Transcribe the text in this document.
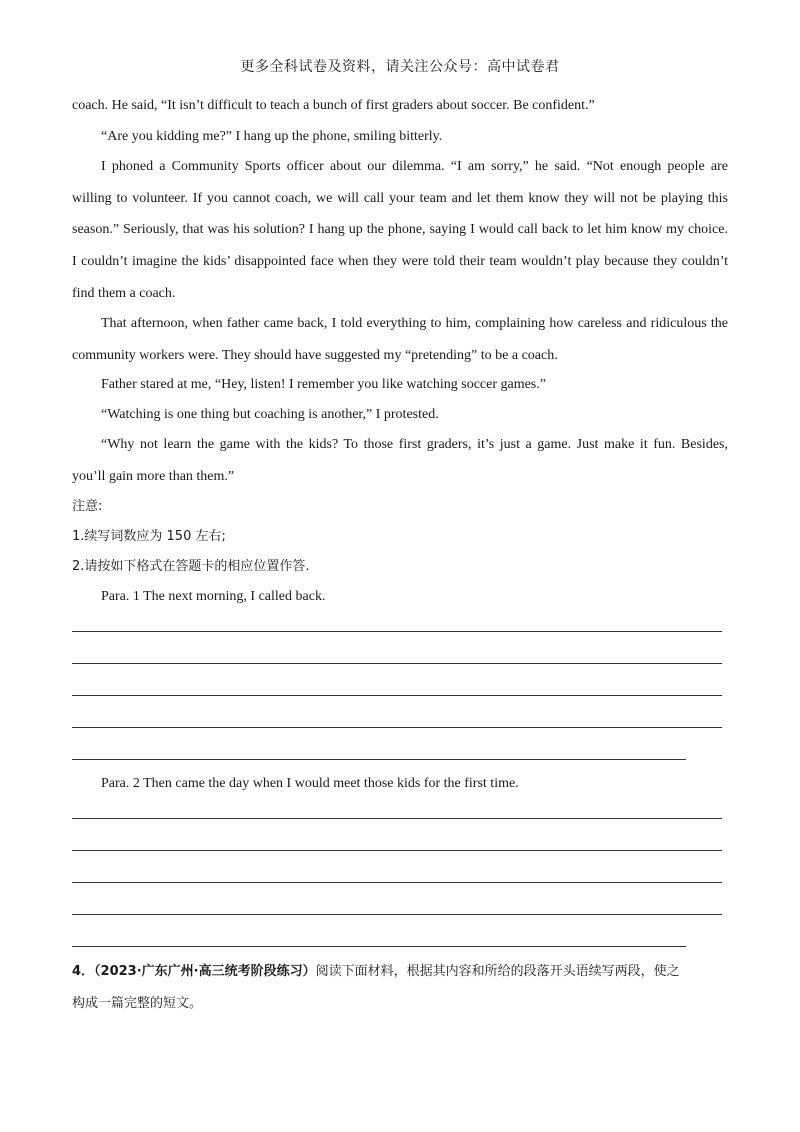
更多全科试卷及资料，请关注公众号：高中试卷君
coach. He said, “It isn’t difficult to teach a bunch of first graders about soccer. Be confident.”
“Are you kidding me?” I hang up the phone, smiling bitterly.
I phoned a Community Sports officer about our dilemma. “I am sorry,” he said. “Not enough people are
willing to volunteer. If you cannot coach, we will call your team and let them know they will not be playing this
season.” Seriously, that was his solution? I hang up the phone, saying I would call back to let him know my choice.
I couldn’t imagine the kids’ disappointed face when they were told their team wouldn’t play because they couldn’t
find them a coach.
That afternoon, when father came back, I told everything to him, complaining how careless and ridiculous the
community workers were. They should have suggested my “pretending” to be a coach.
Father stared at me, “Hey, listen! I remember you like watching soccer games.”
“Watching is one thing but coaching is another,” I protested.
“Why not learn the game with the kids? To those first graders, it’s just a game. Just make it fun. Besides,
you’ll gain more than them.”
注意:
1.续写词数应为 150 左右;
2.请按如下格式在答题卡的相应位置作答.
Para. 1 The next morning, I called back.
Para. 2 Then came the day when I would meet those kids for the first time.
4．（2023·广东广州·高三统考阶段练习）阅读下面材料，根据其内容和所给的段落开头语续写两段，使之
构成一篇完整的短文。
